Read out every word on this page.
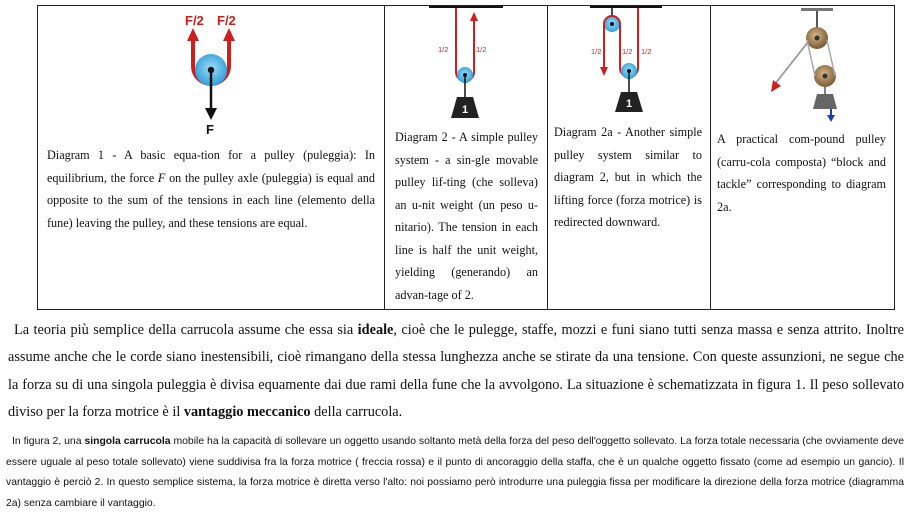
F/2 F/2
F
Diagram 1 - A basic equa-tion for a pulley (puleggia): In equilibrium, the force F on the pulley axle (puleggia) is equal and opposite to the sum of the tensions in each line (elemento della fune) leaving the pulley, and these tensions are equal.
1/2	1/2
1
Diagram 2 - A simple pulley system - a sin-gle movable pulley lif-ting (che solleva) an u-nit weight (un peso u-nitario). The tension in each line is half the unit weight, yielding (generando) an advan-tage of 2.
1/2	1/2 1/2
1
Diagram 2a - Another simple pulley system similar to diagram 2, but in which the lifting force (forza motrice) is redirected downward.
A practical com-pound pulley (carru-cola composta) “block and tackle” corresponding to diagram 2a.

La teoria più semplice della carrucola assume che essa sia ideale, cioè che le pulegge, staffe, mozzi e funi siano tutti senza massa e senza attrito. Inoltre assume anche che le corde siano inestensibili, cioè rimangano della stessa lunghezza anche se stirate da una tensione. Con queste assunzioni, ne segue che la forza su di una singola puleggia è divisa equamente dai due rami della fune che la avvolgono. La situazione è schematizzata in figura 1. Il peso sollevato diviso per la forza motrice è il vantaggio meccanico della carrucola.

In figura 2, una singola carrucola mobile ha la capacità di sollevare un oggetto usando soltanto metà della forza del peso dell'oggetto sollevato. La forza totale necessaria (che ovviamente deve essere uguale al peso totale sollevato) viene suddivisa fra la forza motrice ( freccia rossa) e il punto di ancoraggio della staffa, che è un qualche oggetto fissato (come ad esempio un gancio). Il vantaggio è perciò 2. In questo semplice sistema, la forza motrice è diretta verso l'alto: noi possiamo però introdurre una puleggia fissa per modificare la direzione della forza motrice (diagramma 2a) senza cambiare il vantaggio.
